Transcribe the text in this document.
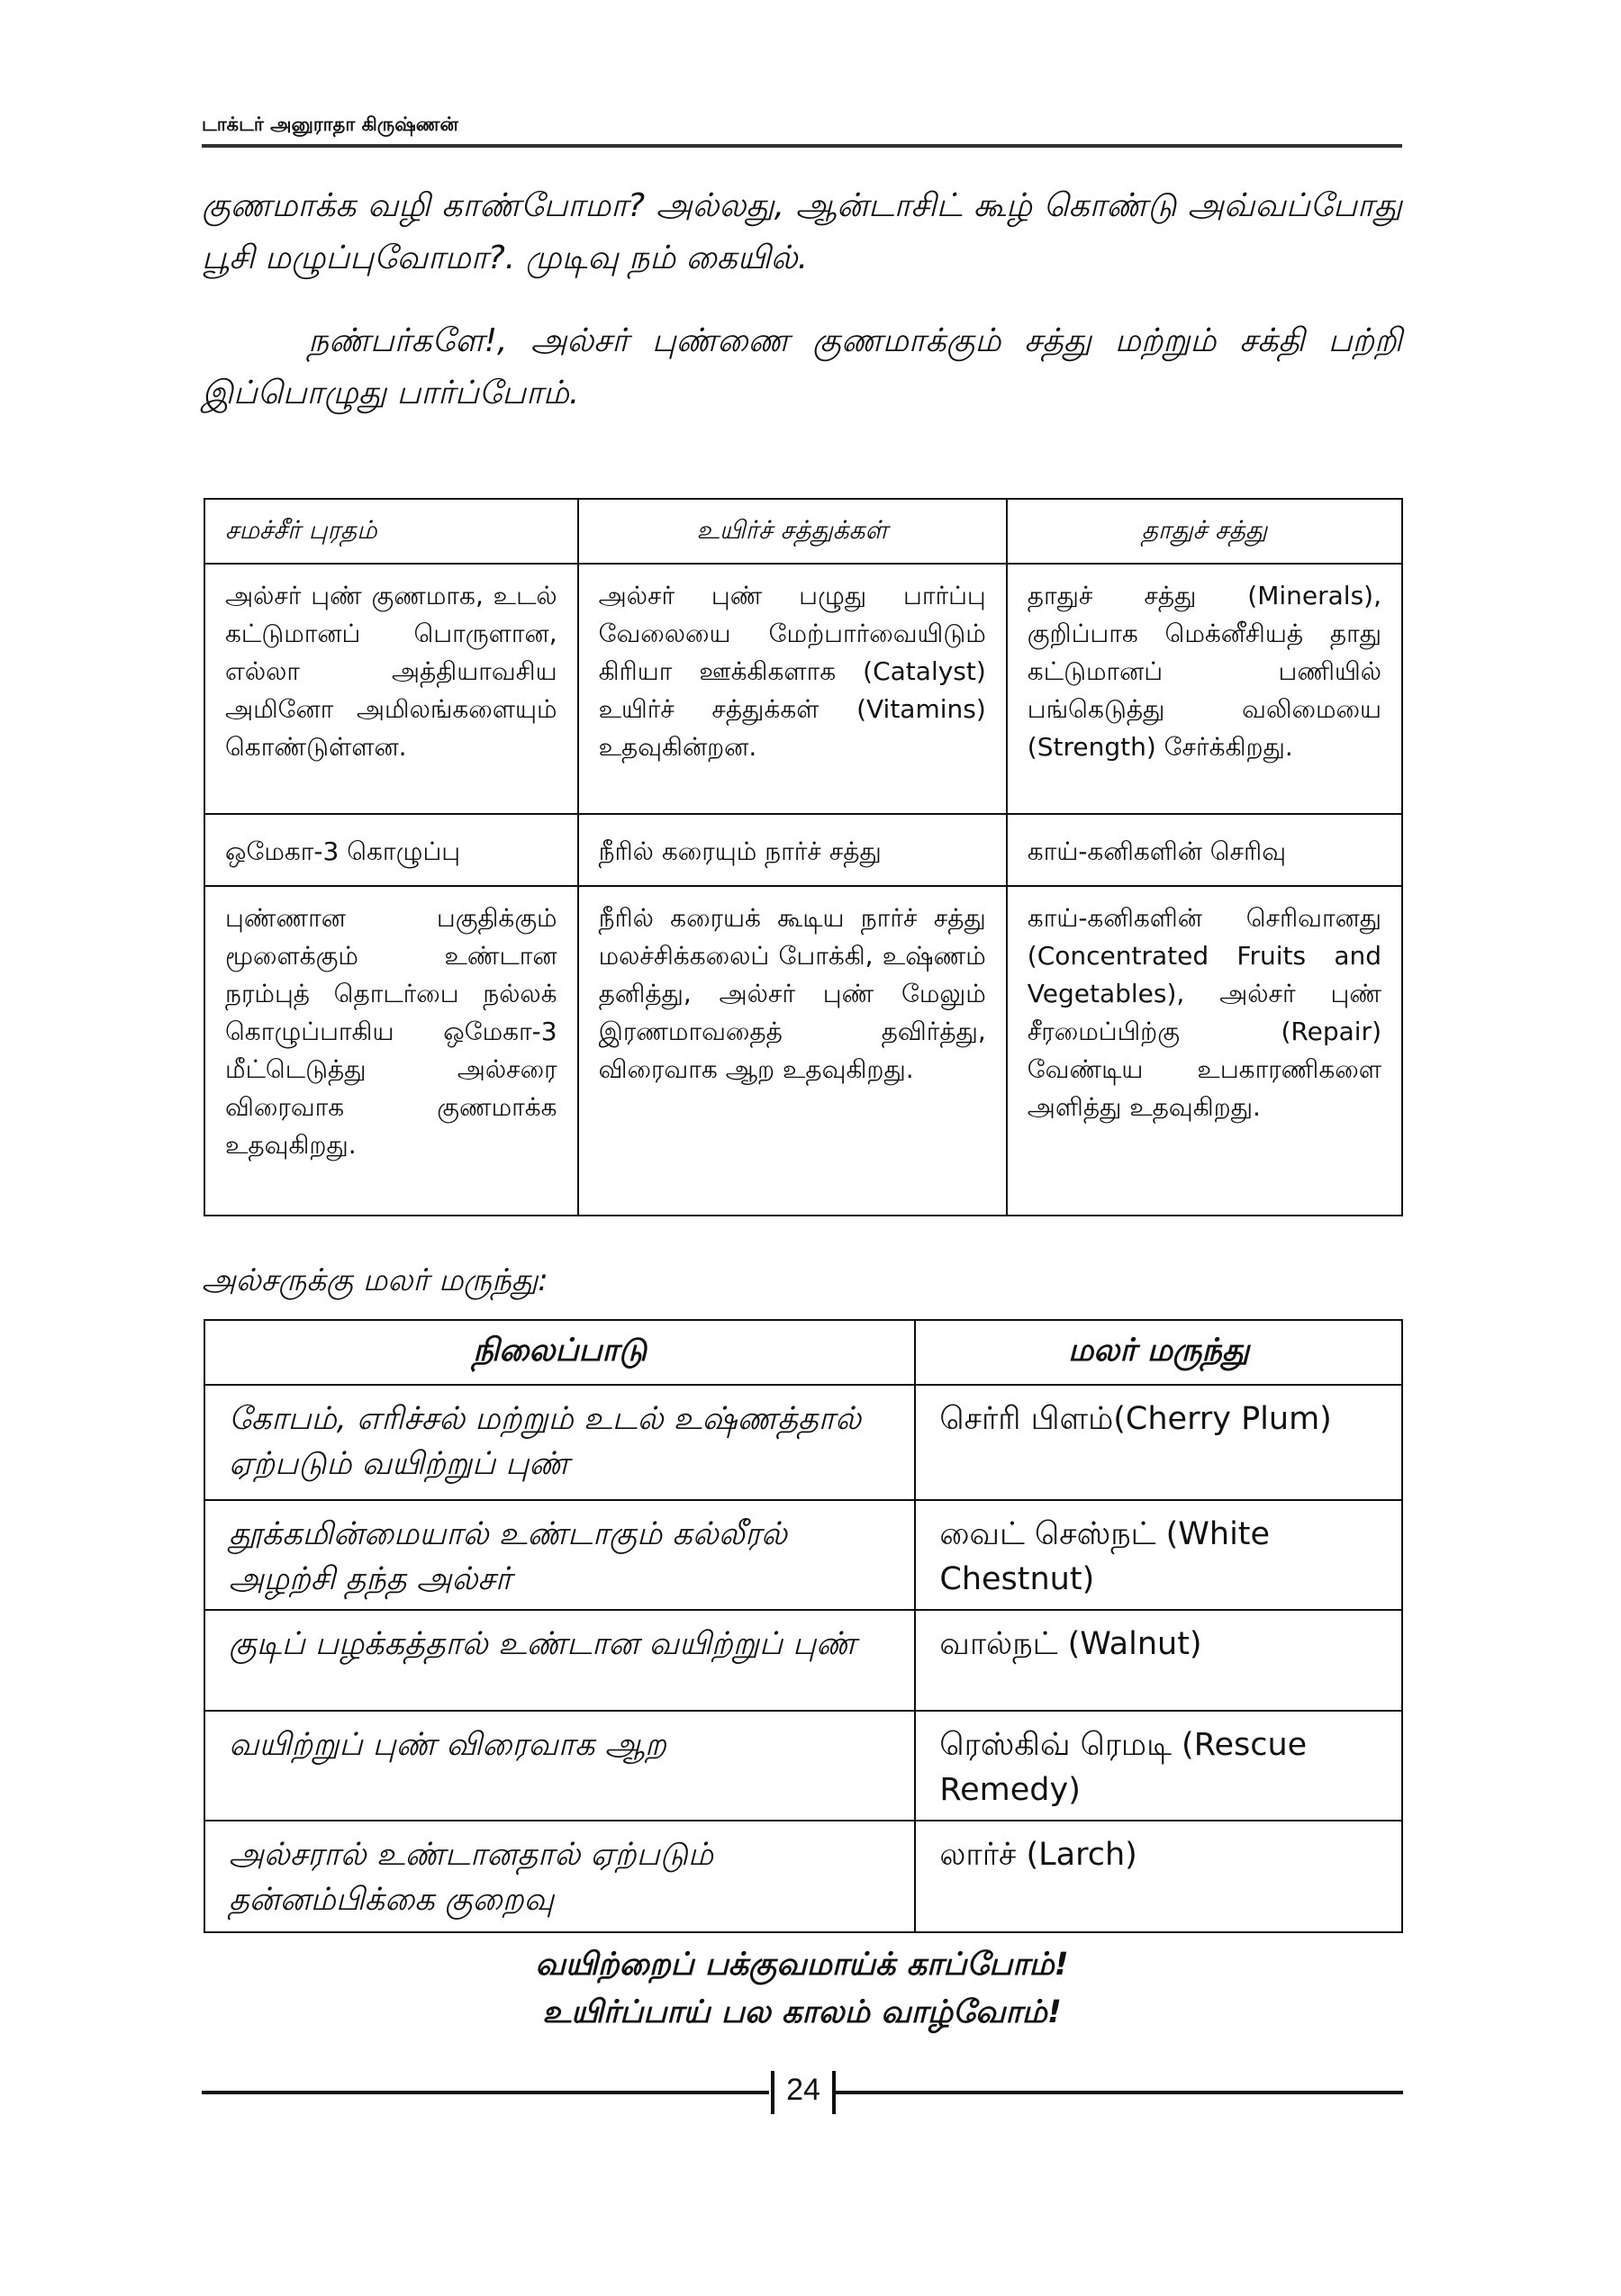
டாக்டர் அனுராதா கிருஷ்ணன்
குணமாக்க வழி காண்போமா? அல்லது, ஆன்டாசிட் கூழ் கொண்டு அவ்வப்போது பூசி மழுப்புவோமா?. முடிவு நம் கையில்.
நண்பர்களே!, அல்சர் புண்ணை குணமாக்கும் சத்து மற்றும் சக்தி பற்றி இப்பொழுது பார்ப்போம்.
சமச்சீர் புரதம்	உயிர்ச் சத்துக்கள்	தாதுச் சத்து
அல்சர் புண் குணமாக, உடல் கட்டுமானப் பொருளான, எல்லா அத்தியாவசிய அமினோ அமிலங்களையும் கொண்டுள்ளன.	அல்சர் புண் பழுது பார்ப்பு வேலையை மேற்பார்வையிடும் கிரியா ஊக்கிகளாக (Catalyst) உயிர்ச் சத்துக்கள் (Vitamins) உதவுகின்றன.	தாதுச் சத்து (Minerals), குறிப்பாக மெக்னீசியத் தாது கட்டுமானப் பணியில் பங்கெடுத்து வலிமையை (Strength) சேர்க்கிறது.
ஒமேகா-3 கொழுப்பு	நீரில் கரையும் நார்ச் சத்து	காய்-கனிகளின் செரிவு
புண்ணான பகுதிக்கும் மூளைக்கும் உண்டான நரம்புத் தொடர்பை நல்லக் கொழுப்பாகிய ஒமேகா-3 மீட்டெடுத்து அல்சரை விரைவாக குணமாக்க உதவுகிறது.	நீரில் கரையக் கூடிய நார்ச் சத்து மலச்சிக்கலைப் போக்கி, உஷ்ணம் தனித்து, அல்சர் புண் மேலும் இரணமாவதைத் தவிர்த்து, விரைவாக ஆற உதவுகிறது.	காய்-கனிகளின் செரிவானது (Concentrated Fruits and Vegetables), அல்சர் புண் சீரமைப்பிற்கு (Repair) வேண்டிய உபகாரணிகளை அளித்து உதவுகிறது.
அல்சருக்கு மலர் மருந்து:
நிலைப்பாடு	மலர் மருந்து
கோபம், எரிச்சல் மற்றும் உடல் உஷ்ணத்தால் ஏற்படும் வயிற்றுப் புண்	செர்ரி பிளம்(Cherry Plum)
தூக்கமின்மையால் உண்டாகும் கல்லீரல் அழற்சி தந்த அல்சர்	வைட் செஸ்நட் (White Chestnut)
குடிப் பழக்கத்தால் உண்டான வயிற்றுப் புண்	வால்நட் (Walnut)
வயிற்றுப் புண் விரைவாக ஆற	ரெஸ்கிவ் ரெமடி (Rescue Remedy)
அல்சரால் உண்டானதால் ஏற்படும் தன்னம்பிக்கை குறைவு	லார்ச் (Larch)
வயிற்றைப் பக்குவமாய்க் காப்போம்!
உயிர்ப்பாய் பல காலம் வாழ்வோம்!
24
